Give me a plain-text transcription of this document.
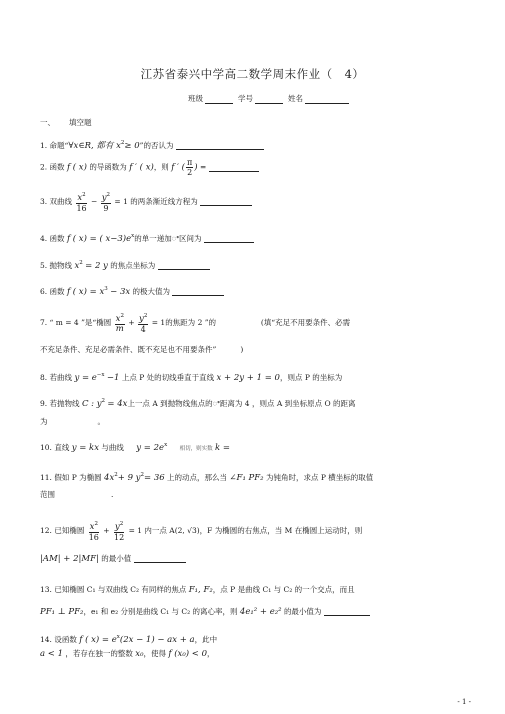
江苏省泰兴中学高二数学周末作业（　4）
班级	学号	姓名
一、 填空题
1. 命题“∀x∈R, 都有 $x^2\ge 0$”的否认为
2. 函数 f ( x) 的导函数为 f ′ ( x)，则 f ′ ( $\frac{\pi}{2}$ ) =
3. 双曲线 $\frac{x^2}{16} - \frac{y^2}{9} = 1$ 的两条渐近线方程为
4. 函数 f ( x) = ( $x-3)e^x$的单一递加ꢀ区间为
5. 抛物线 $x^2 = 2$ y 的焦点坐标为
6. 函数 f ( $x) = x^3 - 3x$ 的极大值为
7. “ m = 4 ”是“椭圆 $\frac{x^2}{m} + \frac{y^2}{4} = 1$的焦距为 2 ”的	(填“充足不用要条件、必需
不充足条件、充足必需条件、既不充足也不用要条件”	)
8. 若曲线 $y = e^{-x} -1$ 上点 P 处的切线垂直于直线 x + 2y + 1 = 0，则点 P 的坐标为
9. 若抛物线 C : $y^2 = 4x$上一点 A 到抛物线焦点的ꢀ距离为 4 ，则点 A 到坐标原点 O 的距离
为	。
10. 直线 y = kx 与曲线 $y = 2e^x$ 相切，则实数 k =
11. 假如 P 为椭圆 $4x^2+ 9$ $y^2= 36$ 上的动点，那么当 ∠F₁ PF₂ 为钝角时，求点 P 横坐标的取值
范围	.
12. 已知椭圆 $\frac{x^2}{16} + \frac{y^2}{12} = 1$ 内一点 A(2, √3)，F 为椭圆的右焦点，当 M 在椭圆上运动时，则
|AM| + 2|MF| 的最小值
13. 已知椭圆 C₁ 与双曲线 C₂ 有同样的焦点 F₁, F₂，点 P 是曲线 C₁ 与 C₂ 的一个交点，而且
PF₁ ⊥ PF₂，e₁ 和 e₂ 分别是曲线 C₁ 与 C₂ 的离心率，则 4e₁² + e₂² 的最小值为
14. 设函数 f ( $x) = e^x(2x - 1)$ − ax + a，此中
a < 1 ，若存在独一的整数 x₀，使得 f (x₀) < 0，
- 1 -
